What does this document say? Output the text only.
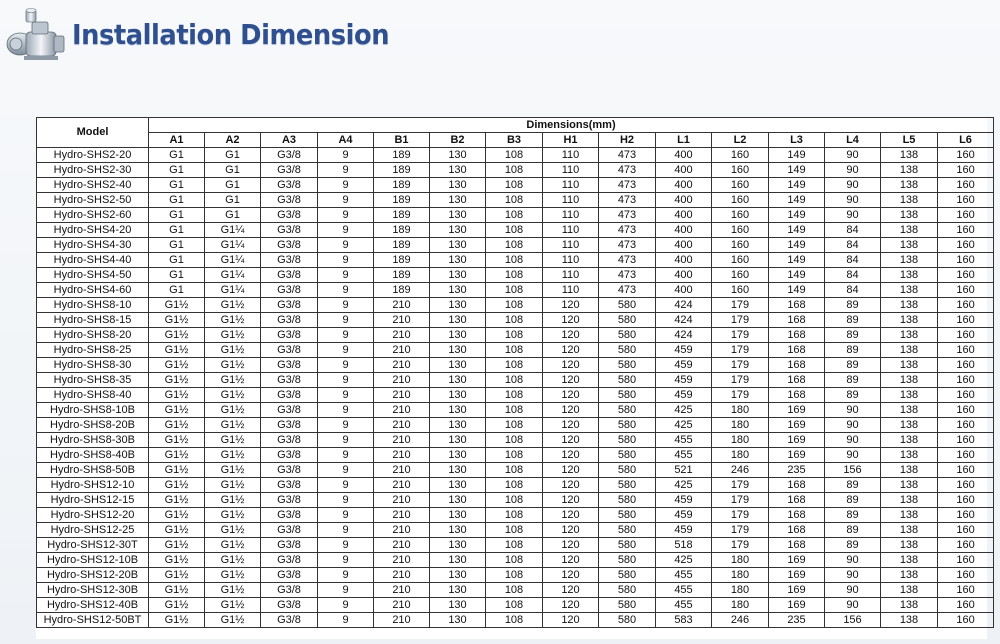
Installation Dimension
Model	Dimensions(mm)														
	A1	A2	A3	A4	B1	B2	B3	H1	H2	L1	L2	L3	L4	L5	L6
Hydro-SHS2-20	G1	G1	G3/8	9	189	130	108	110	473	400	160	149	90	138	160
Hydro-SHS2-30	G1	G1	G3/8	9	189	130	108	110	473	400	160	149	90	138	160
Hydro-SHS2-40	G1	G1	G3/8	9	189	130	108	110	473	400	160	149	90	138	160
Hydro-SHS2-50	G1	G1	G3/8	9	189	130	108	110	473	400	160	149	90	138	160
Hydro-SHS2-60	G1	G1	G3/8	9	189	130	108	110	473	400	160	149	90	138	160
Hydro-SHS4-20	G1	G1¼	G3/8	9	189	130	108	110	473	400	160	149	84	138	160
Hydro-SHS4-30	G1	G1¼	G3/8	9	189	130	108	110	473	400	160	149	84	138	160
Hydro-SHS4-40	G1	G1¼	G3/8	9	189	130	108	110	473	400	160	149	84	138	160
Hydro-SHS4-50	G1	G1¼	G3/8	9	189	130	108	110	473	400	160	149	84	138	160
Hydro-SHS4-60	G1	G1¼	G3/8	9	189	130	108	110	473	400	160	149	84	138	160
Hydro-SHS8-10	G1½	G1½	G3/8	9	210	130	108	120	580	424	179	168	89	138	160
Hydro-SHS8-15	G1½	G1½	G3/8	9	210	130	108	120	580	424	179	168	89	138	160
Hydro-SHS8-20	G1½	G1½	G3/8	9	210	130	108	120	580	424	179	168	89	138	160
Hydro-SHS8-25	G1½	G1½	G3/8	9	210	130	108	120	580	459	179	168	89	138	160
Hydro-SHS8-30	G1½	G1½	G3/8	9	210	130	108	120	580	459	179	168	89	138	160
Hydro-SHS8-35	G1½	G1½	G3/8	9	210	130	108	120	580	459	179	168	89	138	160
Hydro-SHS8-40	G1½	G1½	G3/8	9	210	130	108	120	580	459	179	168	89	138	160
Hydro-SHS8-10B	G1½	G1½	G3/8	9	210	130	108	120	580	425	180	169	90	138	160
Hydro-SHS8-20B	G1½	G1½	G3/8	9	210	130	108	120	580	425	180	169	90	138	160
Hydro-SHS8-30B	G1½	G1½	G3/8	9	210	130	108	120	580	455	180	169	90	138	160
Hydro-SHS8-40B	G1½	G1½	G3/8	9	210	130	108	120	580	455	180	169	90	138	160
Hydro-SHS8-50B	G1½	G1½	G3/8	9	210	130	108	120	580	521	246	235	156	138	160
Hydro-SHS12-10	G1½	G1½	G3/8	9	210	130	108	120	580	425	179	168	89	138	160
Hydro-SHS12-15	G1½	G1½	G3/8	9	210	130	108	120	580	459	179	168	89	138	160
Hydro-SHS12-20	G1½	G1½	G3/8	9	210	130	108	120	580	459	179	168	89	138	160
Hydro-SHS12-25	G1½	G1½	G3/8	9	210	130	108	120	580	459	179	168	89	138	160
Hydro-SHS12-30T	G1½	G1½	G3/8	9	210	130	108	120	580	518	179	168	89	138	160
Hydro-SHS12-10B	G1½	G1½	G3/8	9	210	130	108	120	580	425	180	169	90	138	160
Hydro-SHS12-20B	G1½	G1½	G3/8	9	210	130	108	120	580	455	180	169	90	138	160
Hydro-SHS12-30B	G1½	G1½	G3/8	9	210	130	108	120	580	455	180	169	90	138	160
Hydro-SHS12-40B	G1½	G1½	G3/8	9	210	130	108	120	580	455	180	169	90	138	160
Hydro-SHS12-50BT	G1½	G1½	G3/8	9	210	130	108	120	580	583	246	235	156	138	160
